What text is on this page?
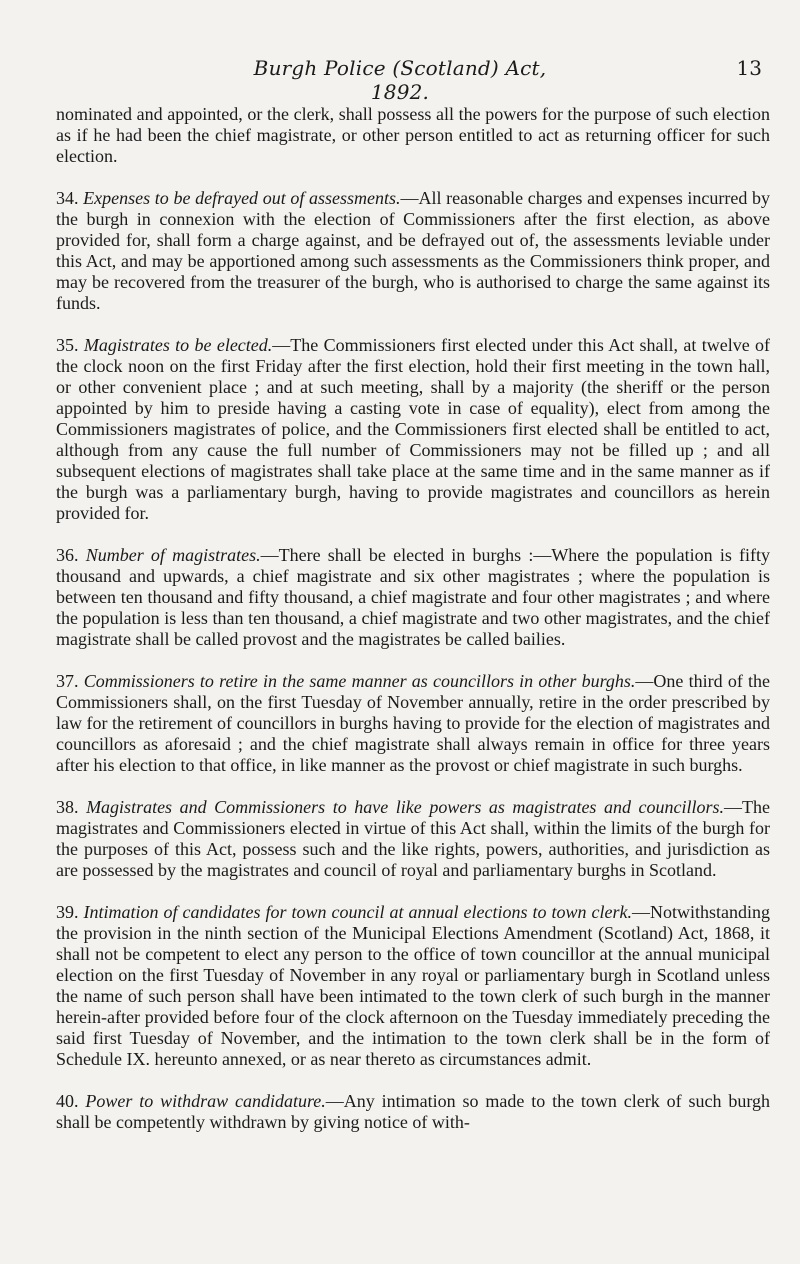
Burgh Police (Scotland) Act, 1892.
13

nominated and appointed, or the clerk, shall possess all the powers for the purpose of such election as if he had been the chief magistrate, or other person entitled to act as returning officer for such election.

34. Expenses to be defrayed out of assessments.—All reasonable charges and expenses incurred by the burgh in connexion with the election of Commissioners after the first election, as above provided for, shall form a charge against, and be defrayed out of, the assessments leviable under this Act, and may be apportioned among such assessments as the Commissioners think proper, and may be recovered from the treasurer of the burgh, who is authorised to charge the same against its funds.

35. Magistrates to be elected.—The Commissioners first elected under this Act shall, at twelve of the clock noon on the first Friday after the first election, hold their first meeting in the town hall, or other convenient place ; and at such meeting, shall by a majority (the sheriff or the person appointed by him to preside having a casting vote in case of equality), elect from among the Commissioners magistrates of police, and the Commissioners first elected shall be entitled to act, although from any cause the full number of Commissioners may not be filled up ; and all subsequent elections of magistrates shall take place at the same time and in the same manner as if the burgh was a parliamentary burgh, having to provide magistrates and councillors as herein provided for.

36. Number of magistrates.—There shall be elected in burghs :—Where the population is fifty thousand and upwards, a chief magistrate and six other magistrates ; where the population is between ten thousand and fifty thousand, a chief magistrate and four other magistrates ; and where the population is less than ten thousand, a chief magistrate and two other magistrates, and the chief magistrate shall be called provost and the magistrates be called bailies.

37. Commissioners to retire in the same manner as councillors in other burghs.—One third of the Commissioners shall, on the first Tuesday of November annually, retire in the order prescribed by law for the retirement of councillors in burghs having to provide for the election of magistrates and councillors as aforesaid ; and the chief magistrate shall always remain in office for three years after his election to that office, in like manner as the provost or chief magistrate in such burghs.

38. Magistrates and Commissioners to have like powers as magistrates and councillors.—The magistrates and Commissioners elected in virtue of this Act shall, within the limits of the burgh for the purposes of this Act, possess such and the like rights, powers, authorities, and jurisdiction as are possessed by the magistrates and council of royal and parliamentary burghs in Scotland.

39. Intimation of candidates for town council at annual elections to town clerk.—Notwithstanding the provision in the ninth section of the Municipal Elections Amendment (Scotland) Act, 1868, it shall not be competent to elect any person to the office of town councillor at the annual municipal election on the first Tuesday of November in any royal or parliamentary burgh in Scotland unless the name of such person shall have been intimated to the town clerk of such burgh in the manner herein-after provided before four of the clock afternoon on the Tuesday immediately preceding the said first Tuesday of November, and the intimation to the town clerk shall be in the form of Schedule IX. hereunto annexed, or as near thereto as circumstances admit.

40. Power to withdraw candidature.—Any intimation so made to the town clerk of such burgh shall be competently withdrawn by giving notice of with-
